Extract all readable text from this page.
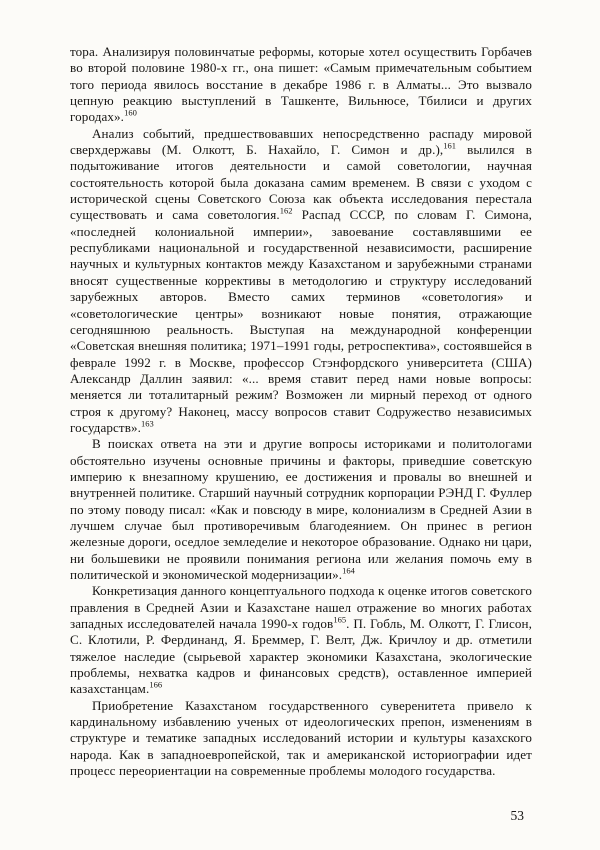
тора. Анализируя половинчатые реформы, которые хотел осуществить Горбачев во второй половине 1980-х гг., она пишет: «Самым примечательным событием того периода явилось восстание в декабре 1986 г. в Алматы... Это вызвало цепную реакцию выступлений в Ташкенте, Вильнюсе, Тбилиси и других городах».$^{160}$

Анализ событий, предшествовавших непосредственно распаду мировой сверхдержавы (М. Олкотт, Б. Нахайло, Г. Симон и др.),$^{161}$ вылился в подытоживание итогов деятельности и самой советологии, научная состоятельность которой была доказана самим временем. В связи с уходом с исторической сцены Советского Союза как объекта исследования перестала существовать и сама советология.$^{162}$ Распад СССР, по словам Г. Симона, «последней колониальной империи», завоевание составлявшими ее республиками национальной и государственной независимости, расширение научных и культурных контактов между Казахстаном и зарубежными странами вносят существенные коррективы в методологию и структуру исследований зарубежных авторов. Вместо самих терминов «советология» и «советологические центры» возникают новые понятия, отражающие сегодняшнюю реальность. Выступая на международной конференции «Советская внешняя политика; 1971–1991 годы, ретроспектива», состоявшейся в феврале 1992 г. в Москве, профессор Стэнфордского университета (США) Александр Даллин заявил: «... время ставит перед нами новые вопросы: меняется ли тоталитарный режим? Возможен ли мирный переход от одного строя к другому? Наконец, массу вопросов ставит Содружество независимых государств».$^{163}$

В поисках ответа на эти и другие вопросы историками и политологами обстоятельно изучены основные причины и факторы, приведшие советскую империю к внезапному крушению, ее достижения и провалы во внешней и внутренней политике. Старший научный сотрудник корпорации РЭНД Г. Фуллер по этому поводу писал: «Как и повсюду в мире, колониализм в Средней Азии в лучшем случае был противоречивым благодеянием. Он принес в регион железные дороги, оседлое земледелие и некоторое образование. Однако ни цари, ни большевики не проявили понимания региона или желания помочь ему в политической и экономической модернизации».$^{164}$

Конкретизация данного концептуального подхода к оценке итогов советского правления в Средней Азии и Казахстане нашел отражение во многих работах западных исследователей начала 1990-х годов$^{165}$. П. Гобль, М. Олкотт, Г. Глисон, С. Клотили, Р. Фердинанд, Я. Бреммер, Г. Велт, Дж. Кричлоу и др. отметили тяжелое наследие (сырьевой характер экономики Казахстана, экологические проблемы, нехватка кадров и финансовых средств), оставленное империей казахстанцам.$^{166}$

Приобретение Казахстаном государственного суверенитета привело к кардинальному избавлению ученых от идеологических препон, изменениям в структуре и тематике западных исследований истории и культуры казахского народа. Как в западноевропейской, так и американской историографии идет процесс переориентации на современные проблемы молодого государства.

53
